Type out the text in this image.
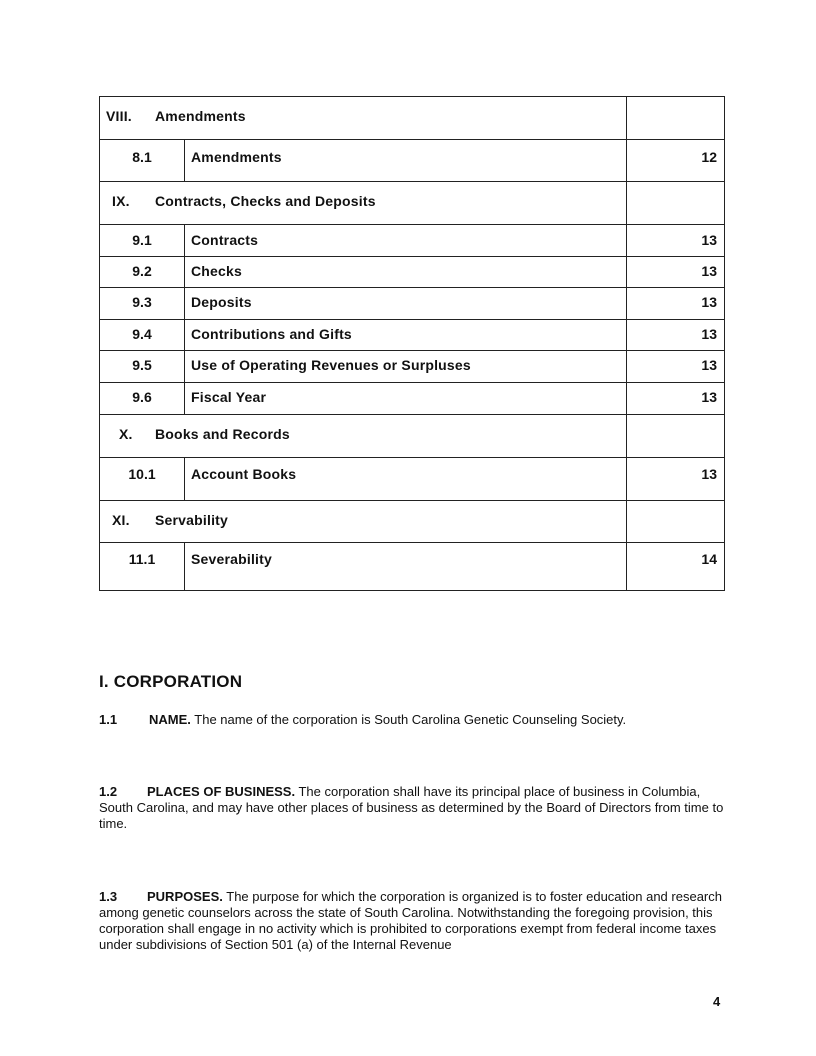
VIII. Amendments
8.1	Amendments	12
IX. Contracts, Checks and Deposits
9.1	Contracts	13
9.2	Checks	13
9.3	Deposits	13
9.4	Contributions and Gifts	13
9.5	Use of Operating Revenues or Surpluses	13
9.6	Fiscal Year	13
X. Books and Records
10.1	Account Books	13
XI. Servability
11.1	Severability	14
I. CORPORATION
1.1 NAME. The name of the corporation is South Carolina Genetic Counseling Society.
1.2 PLACES OF BUSINESS. The corporation shall have its principal place of business in Columbia, South Carolina, and may have other places of business as determined by the Board of Directors from time to time.
1.3 PURPOSES. The purpose for which the corporation is organized is to foster education and research among genetic counselors across the state of South Carolina. Notwithstanding the foregoing provision, this corporation shall engage in no activity which is prohibited to corporations exempt from federal income taxes under subdivisions of Section 501 (a) of the Internal Revenue
4
